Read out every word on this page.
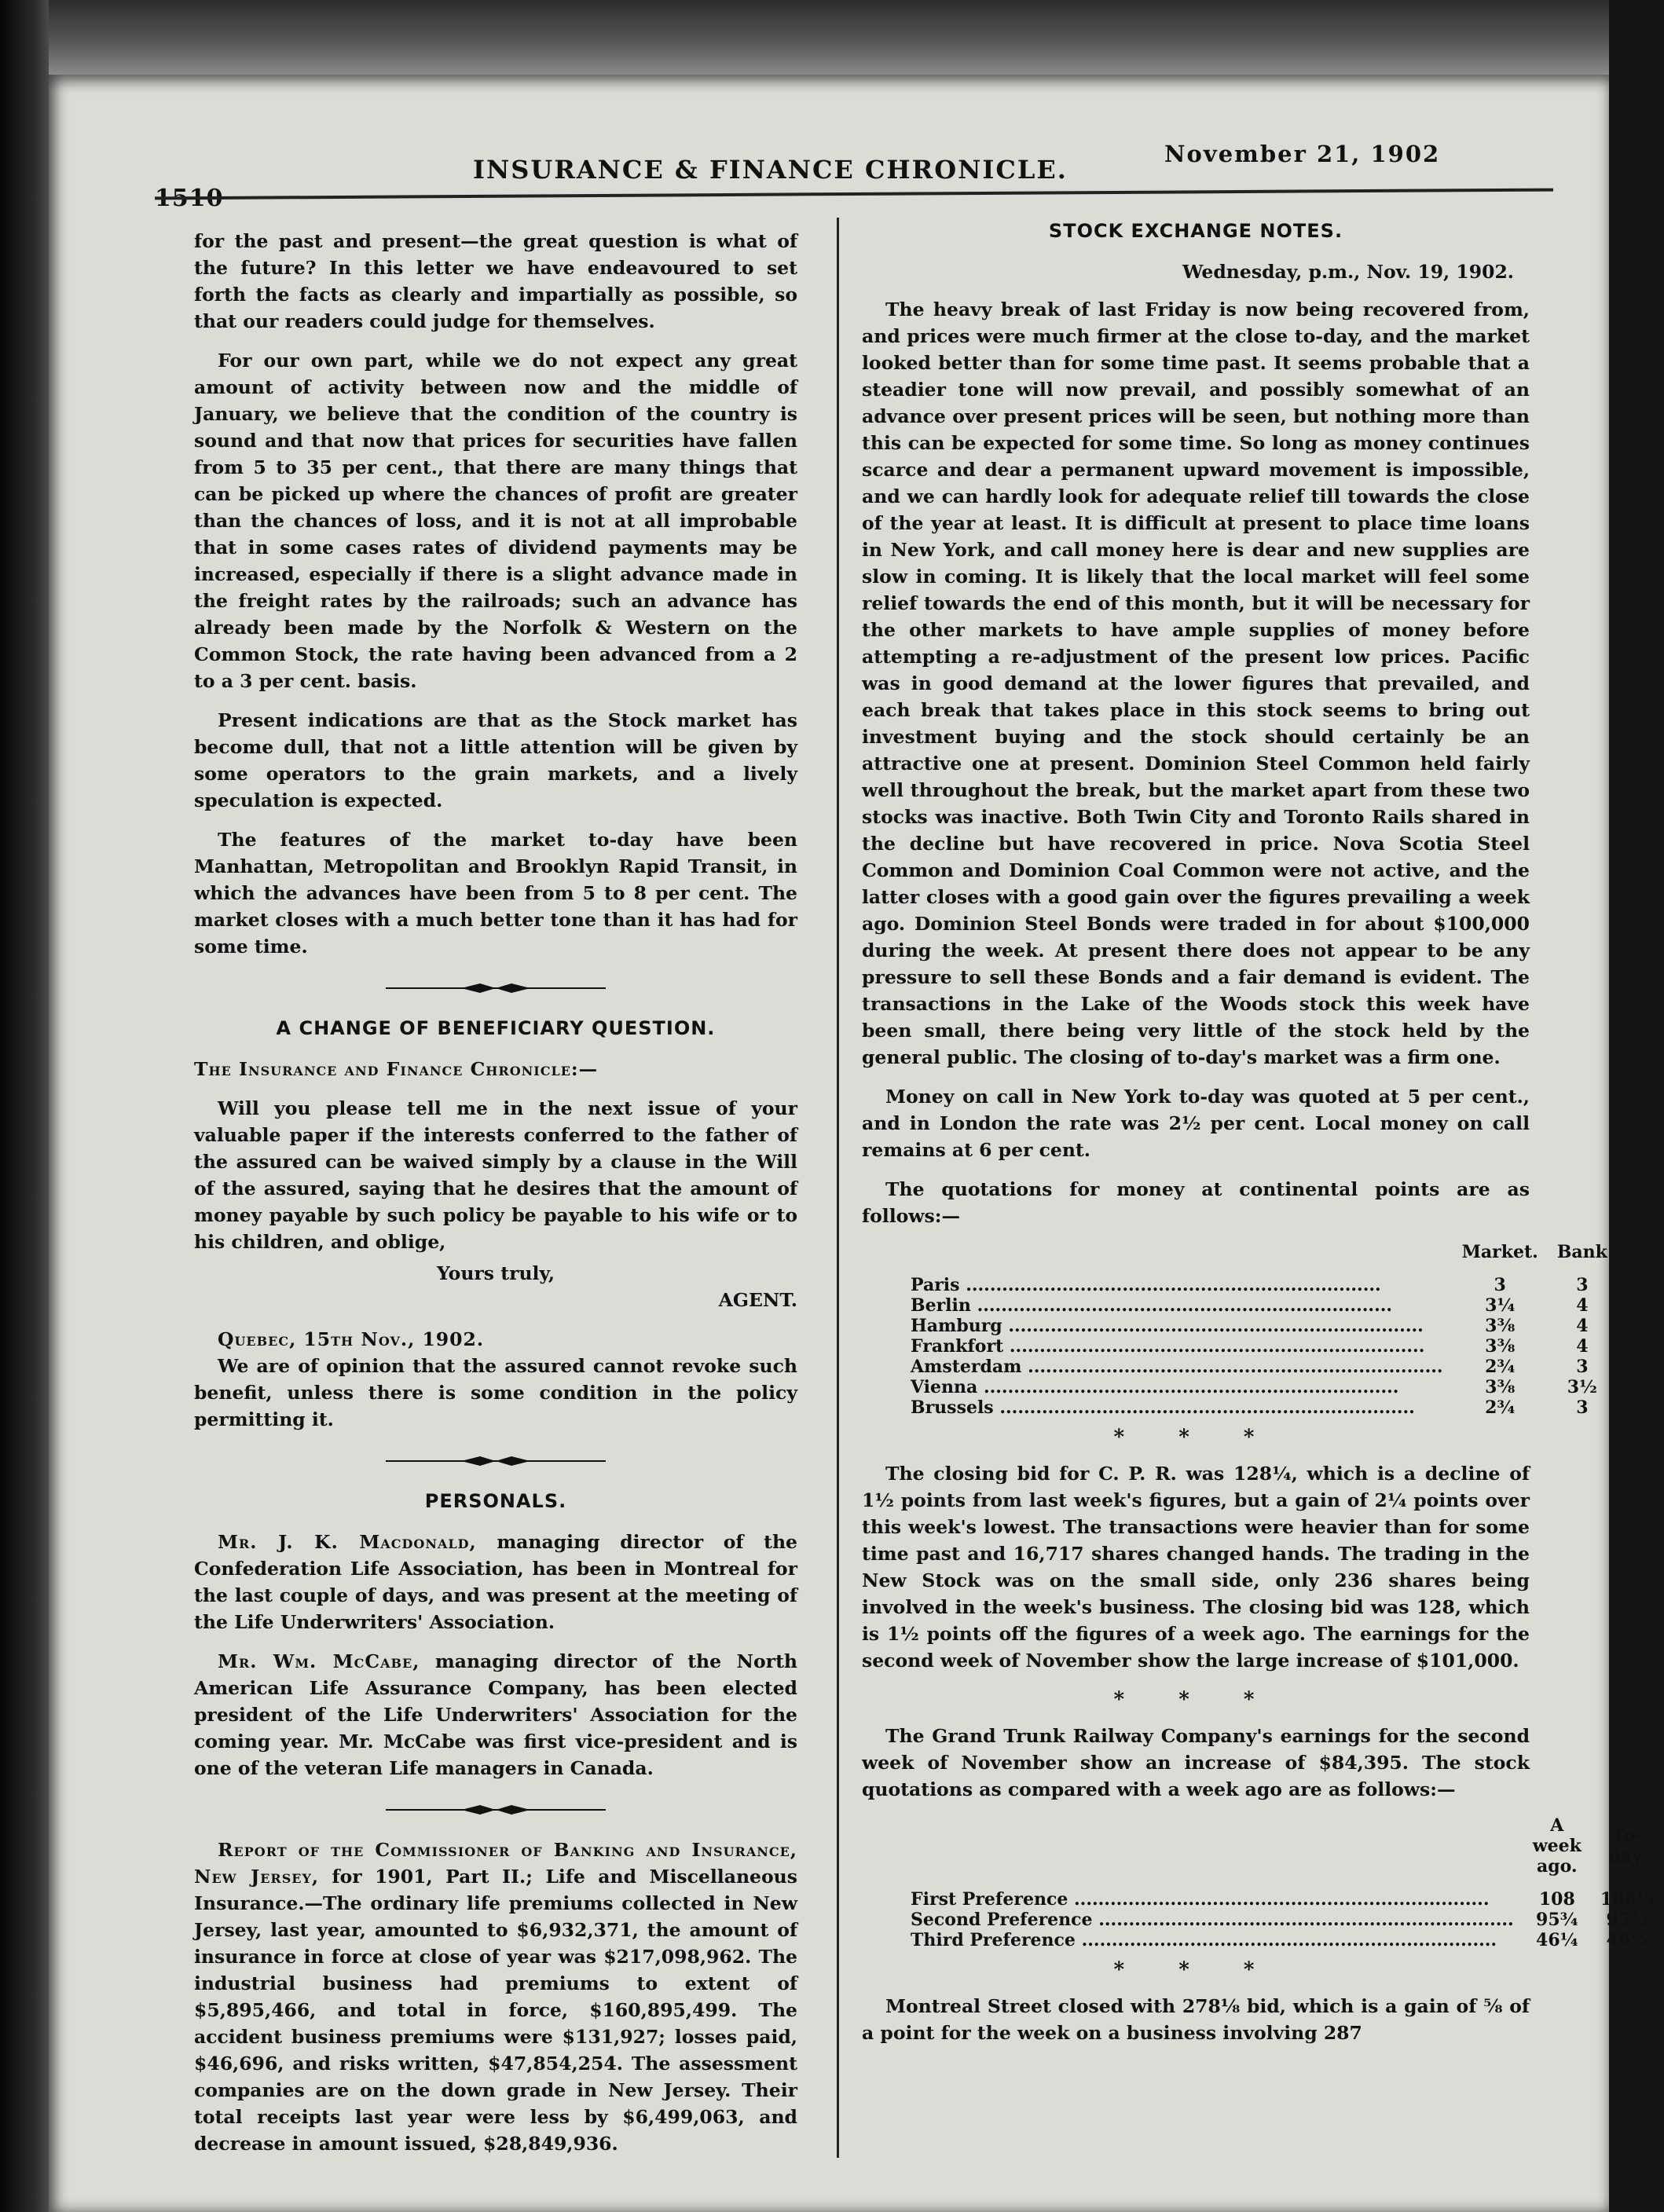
1510
INSURANCE & FINANCE CHRONICLE.
November 21, 1902

for the past and present—the great question is what of the future? In this letter we have endeavoured to set forth the facts as clearly and impartially as possible, so that our readers could judge for themselves.

For our own part, while we do not expect any great amount of activity between now and the middle of January, we believe that the condition of the country is sound and that now that prices for securities have fallen from 5 to 35 per cent., that there are many things that can be picked up where the chances of profit are greater than the chances of loss, and it is not at all improbable that in some cases rates of dividend payments may be increased, especially if there is a slight advance made in the freight rates by the railroads; such an advance has already been made by the Norfolk & Western on the Common Stock, the rate having been advanced from a 2 to a 3 per cent. basis.

Present indications are that as the Stock market has become dull, that not a little attention will be given by some operators to the grain markets, and a lively speculation is expected.

The features of the market to-day have been Manhattan, Metropolitan and Brooklyn Rapid Transit, in which the advances have been from 5 to 8 per cent. The market closes with a much better tone than it has had for some time.

A CHANGE OF BENEFICIARY QUESTION.

The Insurance and Finance Chronicle:—

Will you please tell me in the next issue of your valuable paper if the interests conferred to the father of the assured can be waived simply by a clause in the Will of the assured, saying that he desires that the amount of money payable by such policy be payable to his wife or to his children, and oblige,

Yours truly,

AGENT.

Quebec, 15th Nov., 1902.

We are of opinion that the assured cannot revoke such benefit, unless there is some condition in the policy permitting it.

PERSONALS.

Mr. J. K. Macdonald, managing director of the Confederation Life Association, has been in Montreal for the last couple of days, and was present at the meeting of the Life Underwriters' Association.

Mr. Wm. McCabe, managing director of the North American Life Assurance Company, has been elected president of the Life Underwriters' Association for the coming year. Mr. McCabe was first vice-president and is one of the veteran Life managers in Canada.

Report of the Commissioner of Banking and Insurance, New Jersey, for 1901, Part II.; Life and Miscellaneous Insurance.—The ordinary life premiums collected in New Jersey, last year, amounted to $6,932,371, the amount of insurance in force at close of year was $217,098,962. The industrial business had premiums to extent of $5,895,466, and total in force, $160,895,499. The accident business premiums were $131,927; losses paid, $46,696, and risks written, $47,854,254. The assessment companies are on the down grade in New Jersey. Their total receipts last year were less by $6,499,063, and decrease in amount issued, $28,849,936.

STOCK EXCHANGE NOTES.
Wednesday, p.m., Nov. 19, 1902.

The heavy break of last Friday is now being recovered from, and prices were much firmer at the close to-day, and the market looked better than for some time past. It seems probable that a steadier tone will now prevail, and possibly somewhat of an advance over present prices will be seen, but nothing more than this can be expected for some time. So long as money continues scarce and dear a permanent upward movement is impossible, and we can hardly look for adequate relief till towards the close of the year at least. It is difficult at present to place time loans in New York, and call money here is dear and new supplies are slow in coming. It is likely that the local market will feel some relief towards the end of this month, but it will be necessary for the other markets to have ample supplies of money before attempting a re-adjustment of the present low prices. Pacific was in good demand at the lower figures that prevailed, and each break that takes place in this stock seems to bring out investment buying and the stock should certainly be an attractive one at present. Dominion Steel Common held fairly well throughout the break, but the market apart from these two stocks was inactive. Both Twin City and Toronto Rails shared in the decline but have recovered in price. Nova Scotia Steel Common and Dominion Coal Common were not active, and the latter closes with a good gain over the figures prevailing a week ago. Dominion Steel Bonds were traded in for about $100,000 during the week. At present there does not appear to be any pressure to sell these Bonds and a fair demand is evident. The transactions in the Lake of the Woods stock this week have been small, there being very little of the stock held by the general public. The closing of to-day's market was a firm one.

Money on call in New York to-day was quoted at 5 per cent., and in London the rate was 2½ per cent. Local money on call remains at 6 per cent.

The quotations for money at continental points are as follows:—

	Market.	Bank
Paris .....	3	3
Berlin .....	3¼	4
Hamburg .....	3⅜	4
Frankfort .....	3⅜	4
Amsterdam .....	2¾	3
Vienna .....	3⅜	3½
Brussels .....	2¾	3
* * *

The closing bid for C. P. R. was 128¼, which is a decline of 1½ points from last week's figures, but a gain of 2¼ points over this week's lowest. The transactions were heavier than for some time past and 16,717 shares changed hands. The trading in the New Stock was on the small side, only 236 shares being involved in the week's business. The closing bid was 128, which is 1½ points off the figures of a week ago. The earnings for the second week of November show the large increase of $101,000.

* * *

The Grand Trunk Railway Company's earnings for the second week of November show an increase of $84,395. The stock quotations as compared with a week ago are as follows:—

	A week ago.	To-day.
First Preference .....	108	108¼
Second Preference .....	95¾	95¾
Third Preference .....	46¼	46¼
* * *

Montreal Street closed with 278⅛ bid, which is a gain of ⅝ of a point for the week on a business involving 287
